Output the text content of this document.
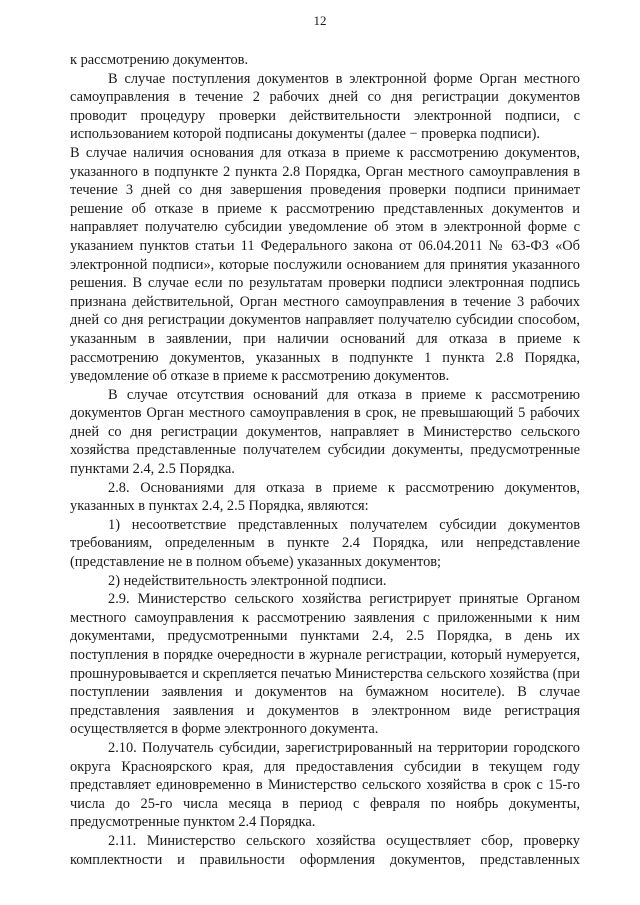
12

к рассмотрению документов.

В случае поступления документов в электронной форме Орган местного самоуправления в течение 2 рабочих дней со дня регистрации документов проводит процедуру проверки действительности электронной подписи, с использованием которой подписаны документы (далее − проверка подписи).

В случае наличия основания для отказа в приеме к рассмотрению документов, указанного в подпункте 2 пункта 2.8 Порядка, Орган местного самоуправления в течение 3 дней со дня завершения проведения проверки подписи принимает решение об отказе в приеме к рассмотрению представленных документов и направляет получателю субсидии уведомление об этом в электронной форме с указанием пунктов статьи 11 Федерального закона от 06.04.2011 № 63-ФЗ «Об электронной подписи», которые послужили основанием для принятия указанного решения. В случае если по результатам проверки подписи электронная подпись признана действительной, Орган местного самоуправления в течение 3 рабочих дней со дня регистрации документов направляет получателю субсидии способом, указанным в заявлении, при наличии оснований для отказа в приеме к рассмотрению документов, указанных в подпункте 1 пункта 2.8 Порядка, уведомление об отказе в приеме к рассмотрению документов.

В случае отсутствия оснований для отказа в приеме к рассмотрению документов Орган местного самоуправления в срок, не превышающий 5 рабочих дней со дня регистрации документов, направляет в Министерство сельского хозяйства представленные получателем субсидии документы, предусмотренные пунктами 2.4, 2.5 Порядка.

2.8. Основаниями для отказа в приеме к рассмотрению документов, указанных в пунктах 2.4, 2.5 Порядка, являются:

1) несоответствие представленных получателем субсидии документов требованиям, определенным в пункте 2.4 Порядка, или непредставление (представление не в полном объеме) указанных документов;

2) недействительность электронной подписи.

2.9. Министерство сельского хозяйства регистрирует принятые Органом местного самоуправления к рассмотрению заявления с приложенными к ним документами, предусмотренными пунктами 2.4, 2.5 Порядка, в день их поступления в порядке очередности в журнале регистрации, который нумеруется, прошнуровывается и скрепляется печатью Министерства сельского хозяйства (при поступлении заявления и документов на бумажном носителе). В случае представления заявления и документов в электронном виде регистрация осуществляется в форме электронного документа.

2.10. Получатель субсидии, зарегистрированный на территории городского округа Красноярского края, для предоставления субсидии в текущем году представляет единовременно в Министерство сельского хозяйства в срок с 15-го числа до 25-го числа месяца в период с февраля по ноябрь документы, предусмотренные пунктом 2.4 Порядка.

2.11. Министерство сельского хозяйства осуществляет сбор, проверку комплектности и правильности оформления документов, представленных
